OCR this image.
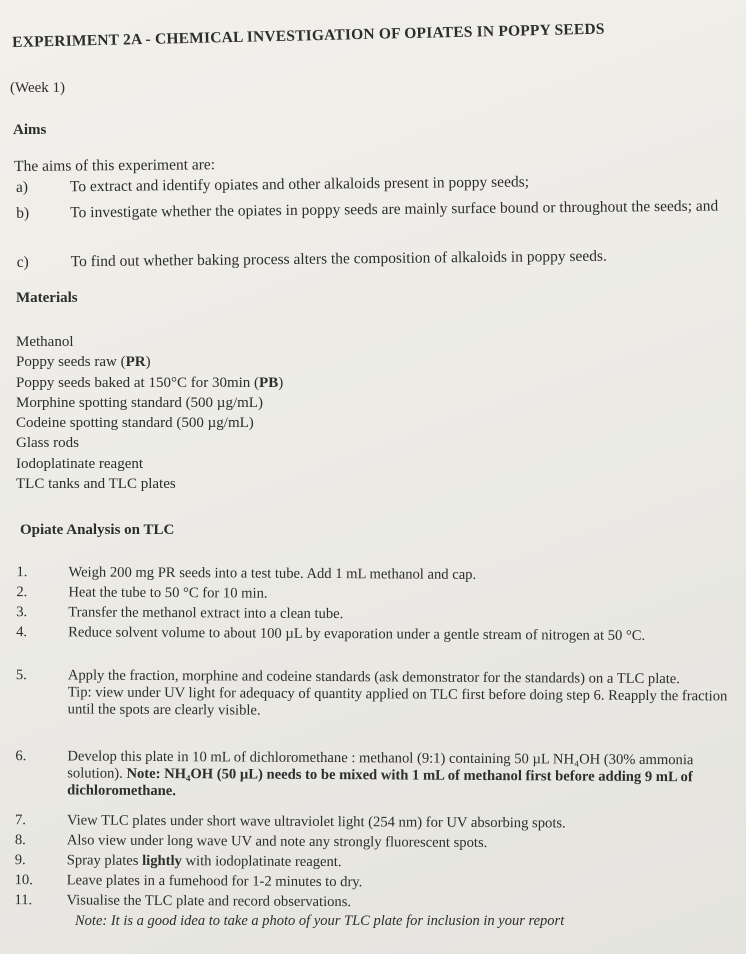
EXPERIMENT 2A - CHEMICAL INVESTIGATION OF OPIATES IN POPPY SEEDS
(Week 1)
Aims
The aims of this experiment are:
a)	To extract and identify opiates and other alkaloids present in poppy seeds;
b)	To investigate whether the opiates in poppy seeds are mainly surface bound or throughout the seeds; and
c)	To find out whether baking process alters the composition of alkaloids in poppy seeds.
Materials
Methanol
Poppy seeds raw (PR)
Poppy seeds baked at 150°C for 30min (PB)
Morphine spotting standard (500 µg/mL)
Codeine spotting standard (500 µg/mL)
Glass rods
Iodoplatinate reagent
TLC tanks and TLC plates
Opiate Analysis on TLC
1.	Weigh 200 mg PR seeds into a test tube. Add 1 mL methanol and cap.
2.	Heat the tube to 50 °C for 10 min.
3.	Transfer the methanol extract into a clean tube.
4.	Reduce solvent volume to about 100 µL by evaporation under a gentle stream of nitrogen at 50 °C.
5.	Apply the fraction, morphine and codeine standards (ask demonstrator for the standards) on a TLC plate.
Tip: view under UV light for adequacy of quantity applied on TLC first before doing step 6. Reapply the fraction until the spots are clearly visible.
6.	Develop this plate in 10 mL of dichloromethane : methanol (9:1) containing 50 µL NH₄OH (30% ammonia solution). Note: NH₄OH (50 µL) needs to be mixed with 1 mL of methanol first before adding 9 mL of dichloromethane.
7.	View TLC plates under short wave ultraviolet light (254 nm) for UV absorbing spots.
8.	Also view under long wave UV and note any strongly fluorescent spots.
9.	Spray plates lightly with iodoplatinate reagent.
10.	Leave plates in a fumehood for 1-2 minutes to dry.
11.	Visualise the TLC plate and record observations.
Note: It is a good idea to take a photo of your TLC plate for inclusion in your report
